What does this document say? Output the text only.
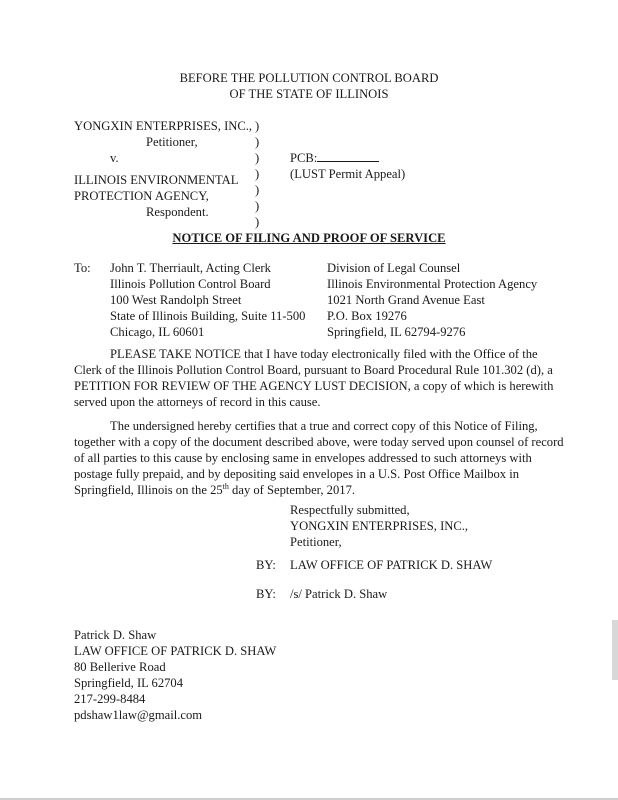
BEFORE THE POLLUTION CONTROL BOARD
OF THE STATE OF ILLINOIS
YONGXIN ENTERPRISES, INC.,
Petitioner,
v.
ILLINOIS ENVIRONMENTAL
PROTECTION AGENCY,
Respondent.
)
)
)
)
)
)
)
PCB:
(LUST Permit Appeal)
NOTICE OF FILING AND PROOF OF SERVICE
To: John T. Therriault, Acting Clerk
Illinois Pollution Control Board
100 West Randolph Street
State of Illinois Building, Suite 11-500
Chicago, IL 60601
Division of Legal Counsel
Illinois Environmental Protection Agency
1021 North Grand Avenue East
P.O. Box 19276
Springfield, IL 62794-9276
PLEASE TAKE NOTICE that I have today electronically filed with the Office of the
Clerk of the Illinois Pollution Control Board, pursuant to Board Procedural Rule 101.302 (d), a
PETITION FOR REVIEW OF THE AGENCY LUST DECISION, a copy of which is herewith
served upon the attorneys of record in this cause.
The undersigned hereby certifies that a true and correct copy of this Notice of Filing,
together with a copy of the document described above, were today served upon counsel of record
of all parties to this cause by enclosing same in envelopes addressed to such attorneys with
postage fully prepaid, and by depositing said envelopes in a U.S. Post Office Mailbox in
Springfield, Illinois on the 25th day of September, 2017.
Respectfully submitted,
YONGXIN ENTERPRISES, INC.,
Petitioner,
BY: LAW OFFICE OF PATRICK D. SHAW
BY: /s/ Patrick D. Shaw
Patrick D. Shaw
LAW OFFICE OF PATRICK D. SHAW
80 Bellerive Road
Springfield, IL 62704
217-299-8484
pdshaw1law@gmail.com
